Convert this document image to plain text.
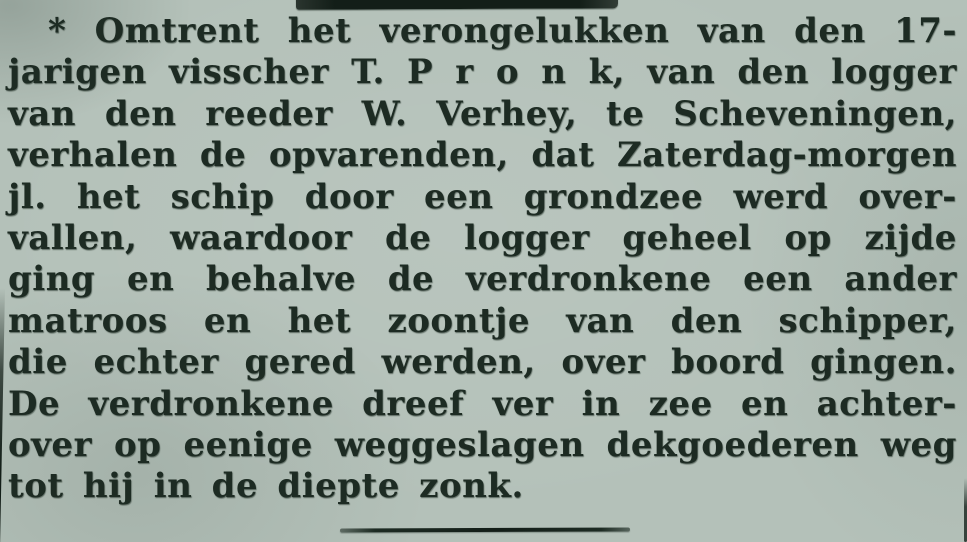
* Omtrent het verongelukken van den 17-
jarigen visscher T. P r o n k, van den logger
van den reeder W. Verhey, te Scheveningen,
verhalen de opvarenden, dat Zaterdag-morgen
jl. het schip door een grondzee werd over-
vallen, waardoor de logger geheel op zijde
ging en behalve de verdronkene een ander
matroos en het zoontje van den schipper,
die echter gered werden, over boord gingen.
De verdronkene dreef ver in zee en achter-
over op eenige weggeslagen dekgoederen weg
tot hij in de diepte zonk.
